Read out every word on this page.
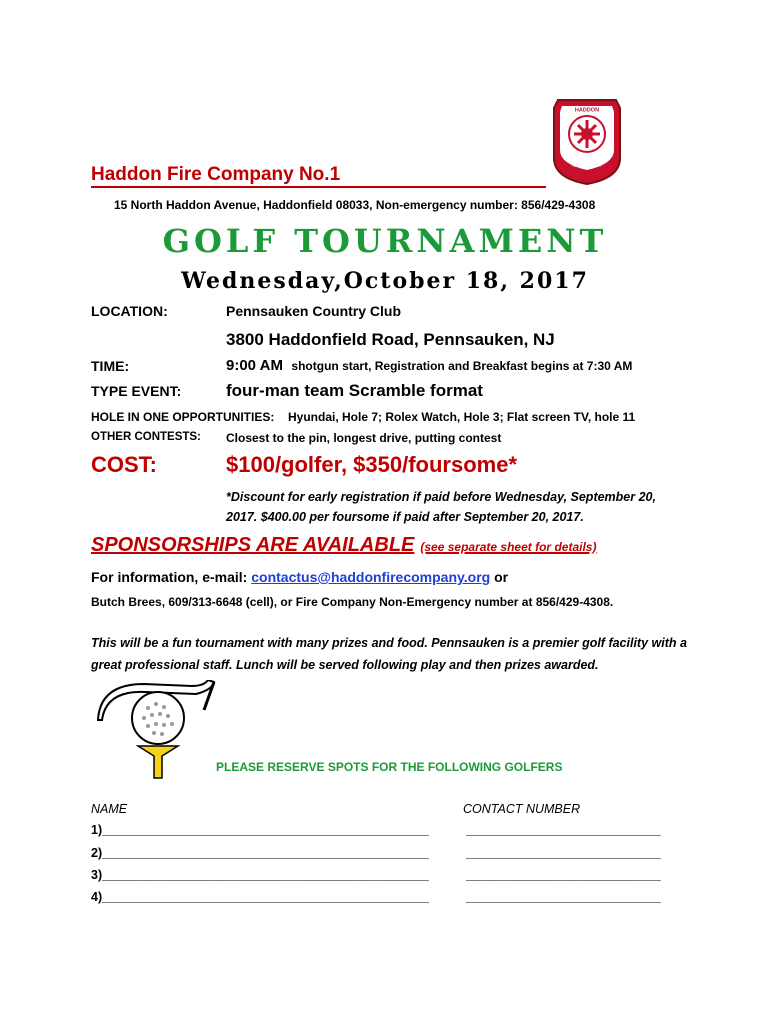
HADDON
HADDONFIELD
NEW JERSEY
Haddon Fire Company No.1
15 North Haddon Avenue, Haddonfield 08033, Non-emergency number: 856/429-4308
GOLF TOURNAMENT
Wednesday,October 18, 2017
LOCATION:	Pennsauken Country Club
3800 Haddonfield Road, Pennsauken, NJ
TIME:	9:00 AM shotgun start, Registration and Breakfast begins at 7:30 AM
TYPE EVENT:	four-man team Scramble format
HOLE IN ONE OPPORTUNITIES: Hyundai, Hole 7; Rolex Watch, Hole 3; Flat screen TV, hole 11
OTHER CONTESTS: Closest to the pin, longest drive, putting contest
COST:	$100/golfer, $350/foursome*
*Discount for early registration if paid before Wednesday, September 20, 2017. $400.00 per foursome if paid after September 20, 2017.
SPONSORSHIPS ARE AVAILABLE (see separate sheet for details)
For information, e-mail: contactus@haddonfirecompany.org or
Butch Brees, 609/313-6648 (cell), or Fire Company Non-Emergency number at 856/429-4308.
This will be a fun tournament with many prizes and food. Pennsauken is a premier golf facility with a great professional staff. Lunch will be served following play and then prizes awarded.
PLEASE RESERVE SPOTS FOR THE FOLLOWING GOLFERS
NAME	CONTACT NUMBER
1)_______________________________________________	____________________________
2)_______________________________________________	____________________________
3)_______________________________________________	____________________________
4)_______________________________________________	____________________________
